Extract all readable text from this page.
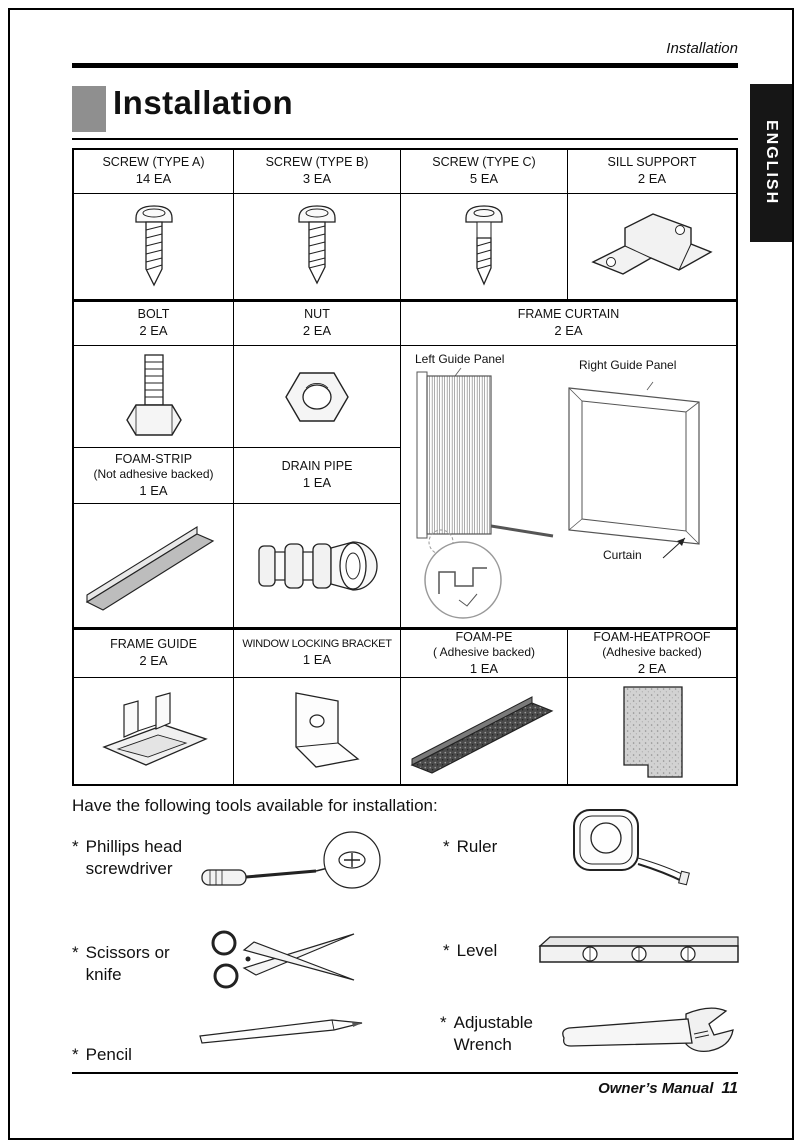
Installation
Installation
ENGLISH
SCREW (TYPE A)
14 EA
SCREW (TYPE B)
3 EA
SCREW (TYPE C)
5 EA
SILL SUPPORT
2 EA
BOLT
2 EA
NUT
2 EA
FRAME CURTAIN
2 EA
Left Guide Panel	Right Guide Panel
Curtain
FOAM-STRIP
(Not adhesive backed)
1 EA
DRAIN PIPE
1 EA
FRAME GUIDE
2 EA
WINDOW LOCKING BRACKET
1 EA
FOAM-PE
( Adhesive backed)
1 EA
FOAM-HEATPROOF
(Adhesive backed)
2 EA
Have the following tools available for installation:
* Phillips head screwdriver
* Ruler
* Scissors or knife
* Level
* Pencil
* Adjustable Wrench
Owner’s Manual 11
